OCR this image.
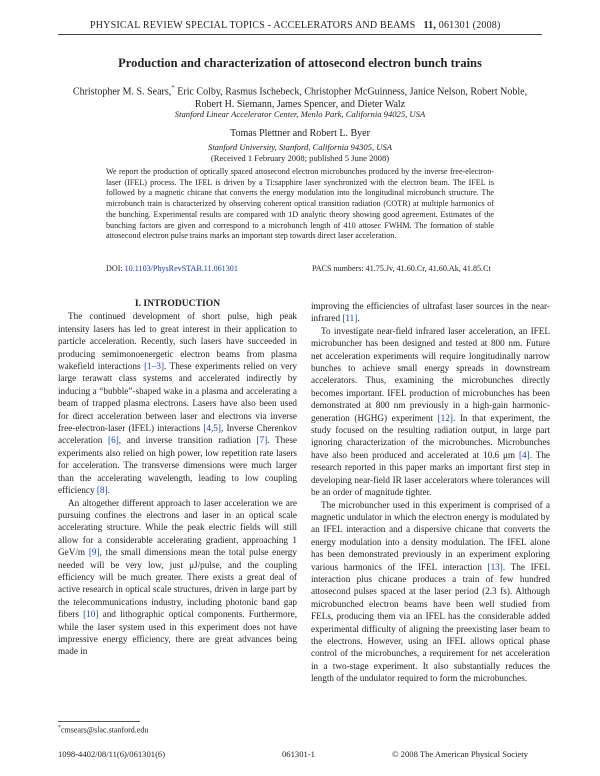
PHYSICAL REVIEW SPECIAL TOPICS - ACCELERATORS AND BEAMS 11, 061301 (2008)
Production and characterization of attosecond electron bunch trains
Christopher M. S. Sears,* Eric Colby, Rasmus Ischebeck, Christopher McGuinness, Janice Nelson, Robert Noble,
Robert H. Siemann, James Spencer, and Dieter Walz
Stanford Linear Accelerator Center, Menlo Park, California 94025, USA
Tomas Plettner and Robert L. Byer
Stanford University, Stanford, California 94305, USA
(Received 1 February 2008; published 5 June 2008)
We report the production of optically spaced attosecond electron microbunches produced by the inverse free-electron-laser (IFEL) process. The IFEL is driven by a Ti:sapphire laser synchronized with the electron beam. The IFEL is followed by a magnetic chicane that converts the energy modulation into the longitudinal microbunch structure. The microbunch train is characterized by observing coherent optical transition radiation (COTR) at multiple harmonics of the bunching. Experimental results are compared with 1D analytic theory showing good agreement. Estimates of the bunching factors are given and correspond to a microbunch length of 410 attosec FWHM. The formation of stable attosecond electron pulse trains marks an important step towards direct laser acceleration.
DOI: 10.1103/PhysRevSTAB.11.061301	PACS numbers: 41.75.Jv, 41.60.Cr, 41.60.Ak, 41.85.Ct

I. INTRODUCTION

The continued development of short pulse, high peak intensity lasers has led to great interest in their application to particle acceleration. Recently, such lasers have succeeded in producing semimonoenergetic electron beams from plasma wakefield interactions [1–3]. These experiments relied on very large terawatt class systems and accelerated indirectly by inducing a “bubble”-shaped wake in a plasma and accelerating a beam of trapped plasma electrons. Lasers have also been used for direct acceleration between laser and electrons via inverse free-electron-laser (IFEL) interactions [4,5], Inverse Cherenkov acceleration [6], and inverse transition radiation [7]. These experiments also relied on high power, low repetition rate lasers for acceleration. The transverse dimensions were much larger than the accelerating wavelength, leading to low coupling efficiency [8].

An altogether different approach to laser acceleration we are pursuing confines the electrons and laser in an optical scale accelerating structure. While the peak electric fields will still allow for a considerable accelerating gradient, approaching 1 GeV/m [9], the small dimensions mean the total pulse energy needed will be very low, just μJ/pulse, and the coupling efficiency will be much greater. There exists a great deal of active research in optical scale structures, driven in large part by the telecommunications industry, including photonic band gap fibers [10] and lithographic optical components. Furthermore, while the laser system used in this experiment does not have impressive energy efficiency, there are great advances being made in

improving the efficiencies of ultrafast laser sources in the near-infrared [11].

To investigate near-field infrared laser acceleration, an IFEL microbuncher has been designed and tested at 800 nm. Future net acceleration experiments will require longitudinally narrow bunches to achieve small energy spreads in downstream accelerators. Thus, examining the microbunches directly becomes important. IFEL production of microbunches has been demonstrated at 800 nm previously in a high-gain harmonic-generation (HGHG) experiment [12]. In that experiment, the study focused on the resulting radiation output, in large part ignoring characterization of the microbunches. Microbunches have also been produced and accelerated at 10.6 μm [4]. The research reported in this paper marks an important first step in developing near-field IR laser accelerators where tolerances will be an order of magnitude tighter.

The microbuncher used in this experiment is comprised of a magnetic undulator in which the electron energy is modulated by an IFEL interaction and a dispersive chicane that converts the energy modulation into a density modulation. The IFEL alone has been demonstrated previously in an experiment exploring various harmonics of the IFEL interaction [13]. The IFEL interaction plus chicane produces a train of few hundred attosecond pulses spaced at the laser period (2.3 fs). Although microbunched electron beams have been well studied from FELs, producing them via an IFEL has the considerable added experimental difficulty of aligning the preexisting laser beam to the electrons. However, using an IFEL allows optical phase control of the microbunches, a requirement for net acceleration in a two-stage experiment. It also substantially reduces the length of the undulator required to form the microbunches.

*cmsears@slac.stanford.edu
1098-4402/08/11(6)/061301(6)	061301-1	© 2008 The American Physical Society
